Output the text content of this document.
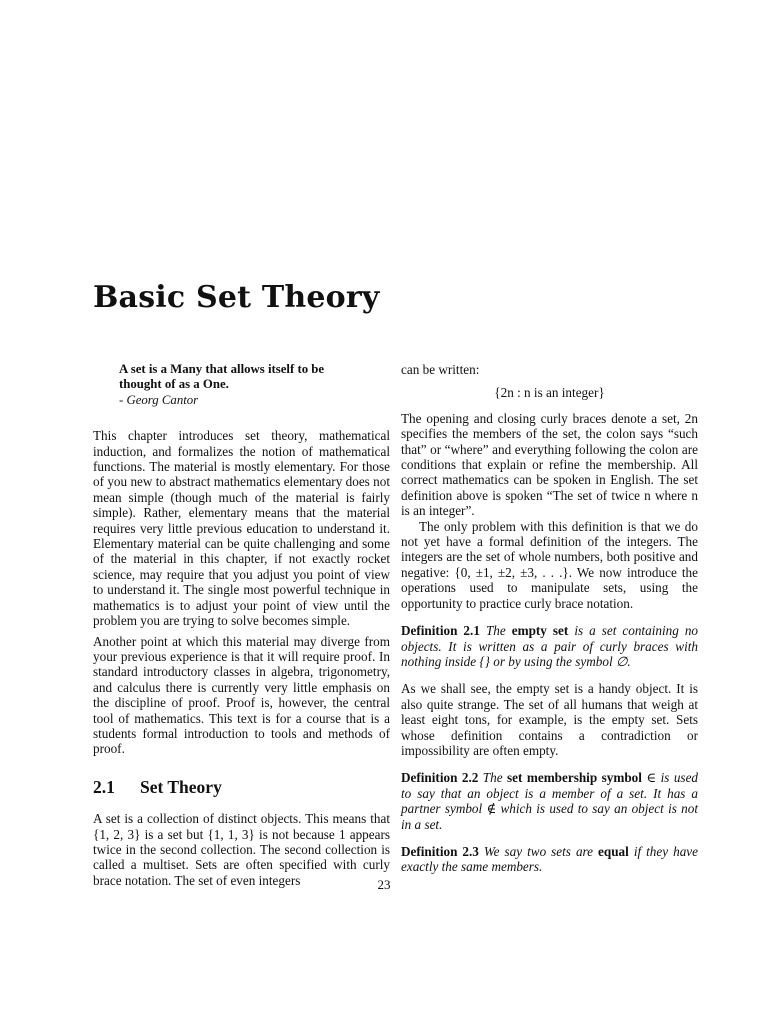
Basic Set Theory
A set is a Many that allows itself to be thought of as a One.
- Georg Cantor

This chapter introduces set theory, mathematical induction, and formalizes the notion of mathematical functions. The material is mostly elementary. For those of you new to abstract mathematics elementary does not mean simple (though much of the material is fairly simple). Rather, elementary means that the material requires very little previous education to understand it. Elementary material can be quite challenging and some of the material in this chapter, if not exactly rocket science, may require that you adjust you point of view to understand it. The single most powerful technique in mathematics is to adjust your point of view until the problem you are trying to solve becomes simple.

Another point at which this material may diverge from your previous experience is that it will require proof. In standard introductory classes in algebra, trigonometry, and calculus there is currently very little emphasis on the discipline of proof. Proof is, however, the central tool of mathematics. This text is for a course that is a students formal introduction to tools and methods of proof.

2.1 Set Theory

A set is a collection of distinct objects. This means that {1, 2, 3} is a set but {1, 1, 3} is not because 1 appears twice in the second collection. The second collection is called a multiset. Sets are often specified with curly brace notation. The set of even integers

can be written:

{2n : n is an integer}

The opening and closing curly braces denote a set, 2n specifies the members of the set, the colon says “such that” or “where” and everything following the colon are conditions that explain or refine the membership. All correct mathematics can be spoken in English. The set definition above is spoken “The set of twice n where n is an integer”.

The only problem with this definition is that we do not yet have a formal definition of the integers. The integers are the set of whole numbers, both positive and negative: {0, ±1, ±2, ±3, . . .}. We now introduce the operations used to manipulate sets, using the opportunity to practice curly brace notation.

Definition 2.1 The empty set is a set containing no objects. It is written as a pair of curly braces with nothing inside {} or by using the symbol ∅.

As we shall see, the empty set is a handy object. It is also quite strange. The set of all humans that weigh at least eight tons, for example, is the empty set. Sets whose definition contains a contradiction or impossibility are often empty.

Definition 2.2 The set membership symbol ∈ is used to say that an object is a member of a set. It has a partner symbol ∉ which is used to say an object is not in a set.

Definition 2.3 We say two sets are equal if they have exactly the same members.

23
